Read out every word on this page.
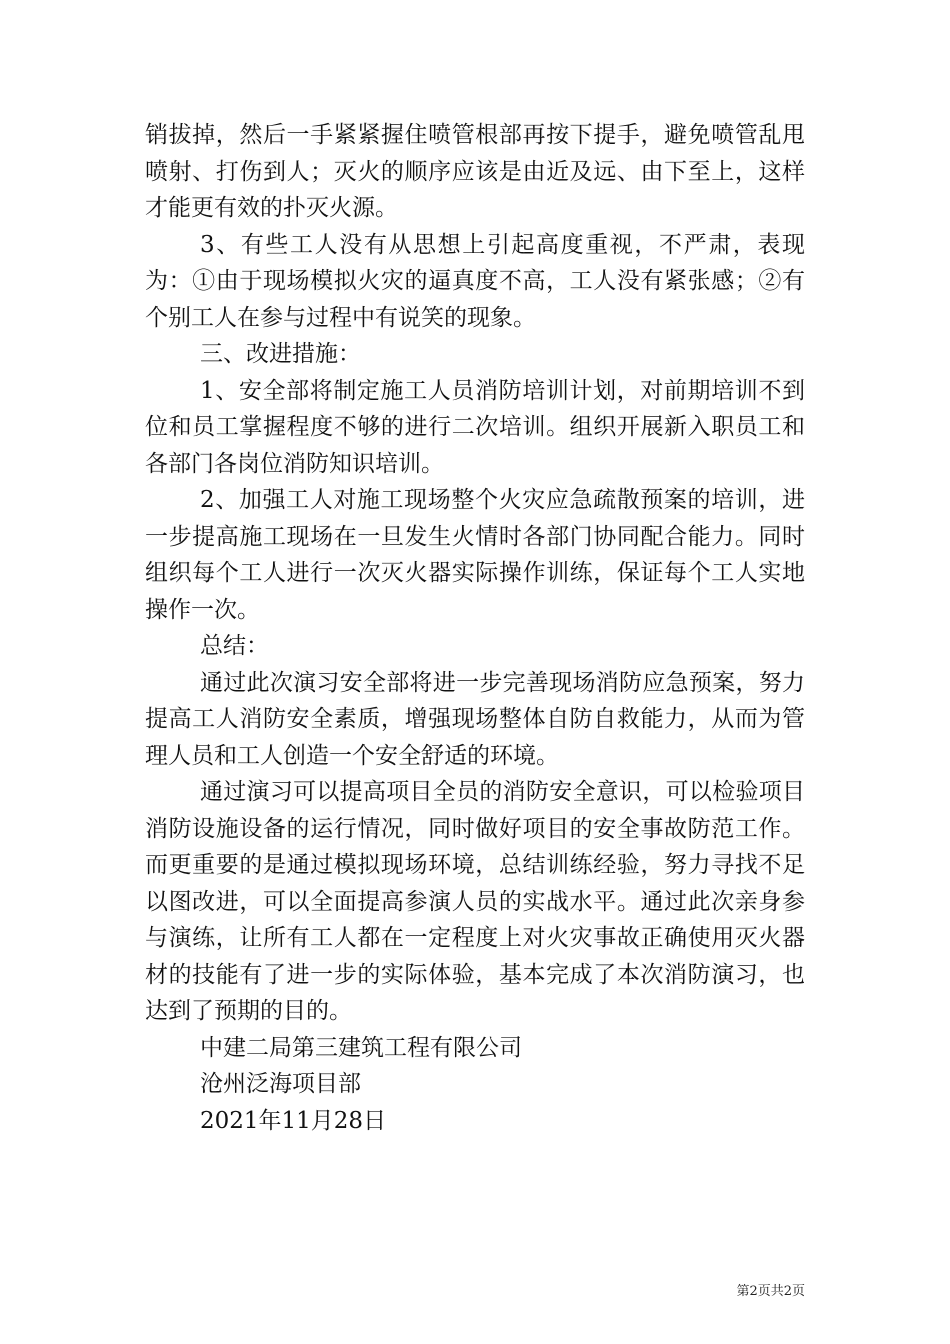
销拔掉，然后一手紧紧握住喷管根部再按下提手，避免喷管乱甩喷射、打伤到人；灭火的顺序应该是由近及远、由下至上，这样才能更有效的扑灭火源。

3、有些工人没有从思想上引起高度重视，不严肃，表现为：①由于现场模拟火灾的逼真度不高，工人没有紧张感；②有个别工人在参与过程中有说笑的现象。

三、改进措施：

1、安全部将制定施工人员消防培训计划，对前期培训不到位和员工掌握程度不够的进行二次培训。组织开展新入职员工和各部门各岗位消防知识培训。

2、加强工人对施工现场整个火灾应急疏散预案的培训，进一步提高施工现场在一旦发生火情时各部门协同配合能力。同时组织每个工人进行一次灭火器实际操作训练，保证每个工人实地操作一次。

总结：

通过此次演习安全部将进一步完善现场消防应急预案，努力提高工人消防安全素质，增强现场整体自防自救能力，从而为管理人员和工人创造一个安全舒适的环境。

通过演习可以提高项目全员的消防安全意识，可以检验项目消防设施设备的运行情况，同时做好项目的安全事故防范工作。而更重要的是通过模拟现场环境，总结训练经验，努力寻找不足以图改进，可以全面提高参演人员的实战水平。通过此次亲身参与演练，让所有工人都在一定程度上对火灾事故正确使用灭火器材的技能有了进一步的实际体验，基本完成了本次消防演习，也达到了预期的目的。

中建二局第三建筑工程有限公司

沧州泛海项目部

2021年11月28日

第2页共2页
